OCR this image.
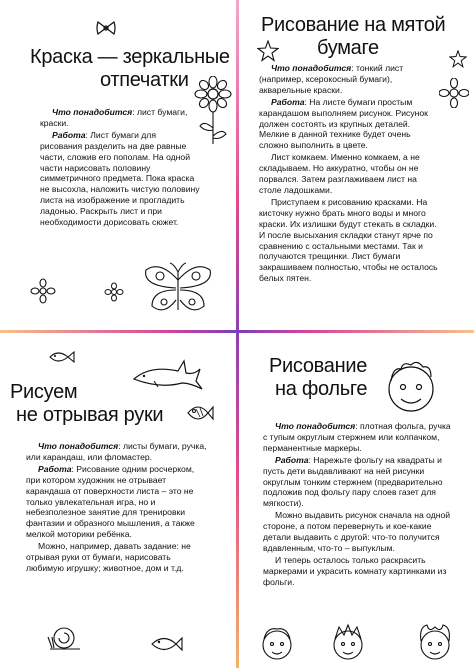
Краска — зеркальные
отпечатки

Что понадобится: лист бумаги, краски.

Работа: Лист бумаги для рисования разделить на две равные части, сложив его пополам. На одной части нарисовать половину симметричного предмета. Пока краска не высохла, наложить чистую половину листа на изображение и прогладить ладонью. Раскрыть лист и при необходимости дорисовать сюжет.

Рисование на мятой
бумаге

Что понадобится: тонкий лист (например, ксерокосный бумаги), акварельные краски.

Работа: На листе бумаги простым карандашом выполняем рисунок. Рисунок должен состоять из крупных деталей. Мелкие в данной технике будет очень сложно выполнить в цвете.

Лист комкаем. Именно комкаем, а не складываем. Но аккуратно, чтобы он не порвался. Затем разглаживаем лист на столе ладошками.

Приступаем к рисованию красками. На кисточку нужно брать много воды и много краски. Их излишки будут стекать в складки. И после высыхания складки станут ярче по сравнению с остальными местами. Так и получаются трещинки. Лист бумаги закрашиваем полностью, чтобы не осталось белых пятен.

Рисуем
не отрывая руки

Что понадобится: листы бумаги, ручка, или карандаш, или фломастер.

Работа: Рисование одним росчерком, при котором художник не отрывает карандаша от поверхности листа – это не только увлекательная игра, но и небезполезное занятие для тренировки фантазии и образного мышления, а также мелкой моторики ребёнка.

Можно, например, давать задание: не отрывая руки от бумаги, нарисовать любимую игрушку; животное, дом и т.д.

Рисование
на фольге

Что понадобится: плотная фольга, ручка с тупым округлым стержнем или колпачком, перманентные маркеры.

Работа: Нарежьте фольгу на квадраты и пусть дети выдавливают на ней рисунки округлым тонким стержнем (предварительно подложив под фольгу пару слоев газет для мягкости).

Можно выдавить рисунок сначала на одной стороне, а потом перевернуть и кое-какие детали выдавить с другой: что-то получится вдавленным, что-то – выпуклым.

И теперь осталось только раскрасить маркерами и украсить комнату картинками из фольги.
